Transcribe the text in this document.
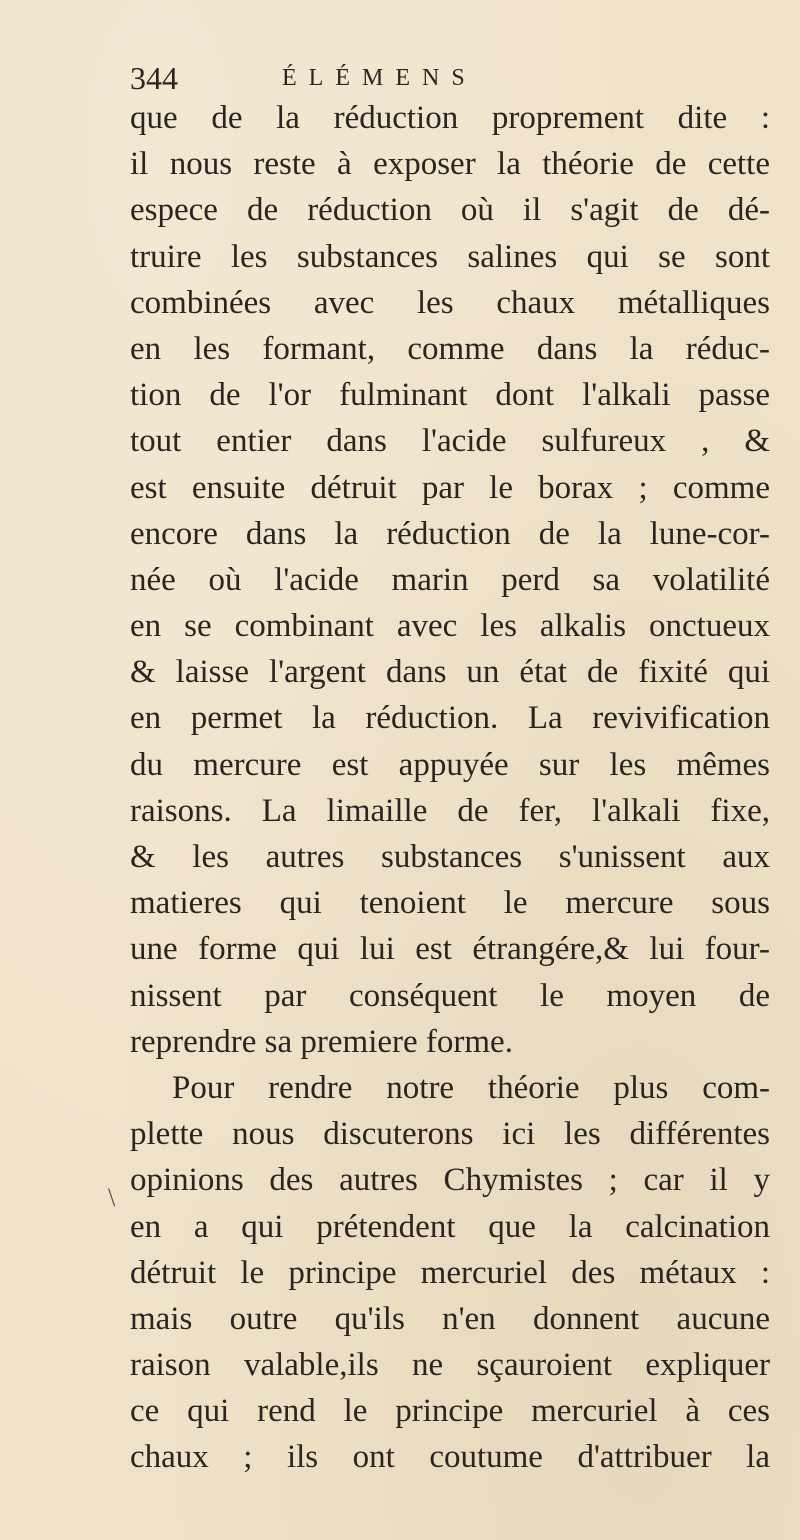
344	ÉLÉMENS
\
que de la réduction proprement dite :
il nous reste à exposer la théorie de cette
espece de réduction où il s'agit de dé-
truire les substances salines qui se sont
combinées avec les chaux métalliques
en les formant, comme dans la réduc-
tion de l'or fulminant dont l'alkali passe
tout entier dans l'acide sulfureux , &
est ensuite détruit par le borax ; comme
encore dans la réduction de la lune-cor-
née où l'acide marin perd sa volatilité
en se combinant avec les alkalis onctueux
& laisse l'argent dans un état de fixité qui
en permet la réduction. La revivification
du mercure est appuyée sur les mêmes
raisons. La limaille de fer, l'alkali fixe,
& les autres substances s'unissent aux
matieres qui tenoient le mercure sous
une forme qui lui est étrangére,& lui four-
nissent par conséquent le moyen de
reprendre sa premiere forme.
Pour rendre notre théorie plus com-
plette nous discuterons ici les différentes
opinions des autres Chymistes ; car il y
en a qui prétendent que la calcination
détruit le principe mercuriel des métaux :
mais outre qu'ils n'en donnent aucune
raison valable,ils ne sçauroient expliquer
ce qui rend le principe mercuriel à ces
chaux ; ils ont coutume d'attribuer la
